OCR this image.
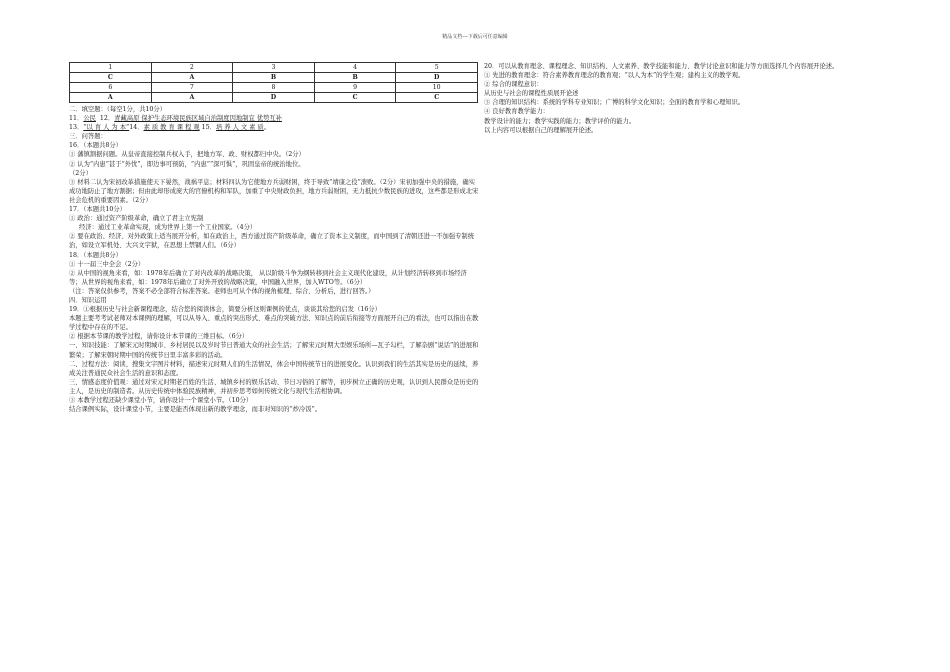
精品文档---下载后可任意编辑
1	2	3	4	5
C	A	B	B	D
6	7	8	9	10
A	A	D	C	C
二．填空题：（每空1分，共10分）
11．公民 12．青藏高原 保护生态环境民族区域自治制度因地制宜 优势互补
13．“以 育 人 为 本”14．素 质 教 育 课 程 观 15．培 养 人 文 素 质。
三．问答题：
16．（本题共8分）
① 藩镇割据问题。从皇帝直接控制兵权入手，把地方军、政、财权都归中央。（2分）
② 认为“内患”甚于“外忧”，即边事可预防，“内患”“深可惧”，巩固皇帝的统治地位。
（2分）
③ 材料二认为宋初改革措施使天下晏然，战祸平息；材料四认为它使地方兵弱财困，终于导致“靖康之役”溃败。（2分）宋初加强中央的措施，确实成功地防止了地方割据；但由此却形成庞大的官僚机构和军队，加重了中央财政负担，地方兵弱财困，无力抵抗少数民族的进攻，这些都是形成北宋社会危机的重要因素。（2分）
17．（本题共10分）
① 政治：通过资产阶级革命，确立了君主立宪制
经济：通过工业革命实现，成为世界上第一个工业国家。（4分）
② 要在政治、经济、对外政策上适当展开分析，如在政治上，西方通过资产阶级革命，确立了资本主义制度，而中国到了清朝还进一不加强专制统治，如设立军机处、大兴文字狱，在思想上禁锢人们。（6分）
18．（本题共8分）
① 十一届三中全会（2分）
② 从中国的视角来看，如：1978年后确立了对内改革的战略决策， 从以阶级斗争为纲转移到社会主义现代化建设，从计划经济转移到市场经济等；从世界的视角来看，如：1978年后确立了对外开放的战略决策，中国融入世界，加入WTO等。（6分）
（注：答案仅供参考，答案不必全部符合标准答案。老师也可从个体的视角梳理、综合、分析后，进行回答。）
四．知识运用
19．①根据历史与社会新课程理念，结合您的阅读体会，简要分析这则课例的优点，谈谈其给您的启发（16分）
本题主要考考试老师对本课例的理解，可以从导入、重点的突出形式、难点的突破方法、知识点的前后衔接等方面展开自己的看法，也可以指出在教学过程中存在的不足。
② 根据本节课的教学过程，请你设计本节课的三维目标。（6分）
一、知识技能：了解宋元时期城市、乡村居民以及岁时节日普通大众的社会生活；了解宋元时期大型娱乐场所—瓦子勾栏，了解杂剧“说话”的进展和繁荣；了解宋朝时期中国的传统节日里丰富多彩的活动。
二、过程方法：阅读、搜集文字图片材料，描述宋元时期人们的生活情况，体会中国传统节日的进展变化。认识到我们的生活其实是历史的延续，养成关注普通民众社会生活的意识和态度。
三、情感态度价值观：通过对宋元时期老百姓的生活、城镇乡村的娱乐活动、节日习俗的了解等，初步树立正确的历史观，认识到人民群众是历史的主人，是历史的制造者。从历史传统中体验民族精神，并初步思考如何传统文化与现代生活相协调。
③ 本教学过程还缺少课堂小节，请你设计一个课堂小节。（10分）
结合课例实际，设计课堂小节，主要是能否体现出新的教学理念，而非对知识的“炒冷饭”。
20．可以从教育理念、课程理念、知识结构、人文素养、教学技能和能力、教学讨论意识和能力等方面选择几个内容展开论述。
① 先进的教育理念：符合素养教育理念的教育观；“以人为本”的学生观；建构主义的教学观。
② 综合的课程意识：
从历史与社会的课程性质展开论述
③ 合理的知识结构：系统的学科专业知识；广博的科学文化知识；全面的教育学和心理知识。
④ 良好教育教学能力：
教学设计的能力；教学实践的能力；教学评价的能力。
以上内容可以根据自己的理解展开论述。
